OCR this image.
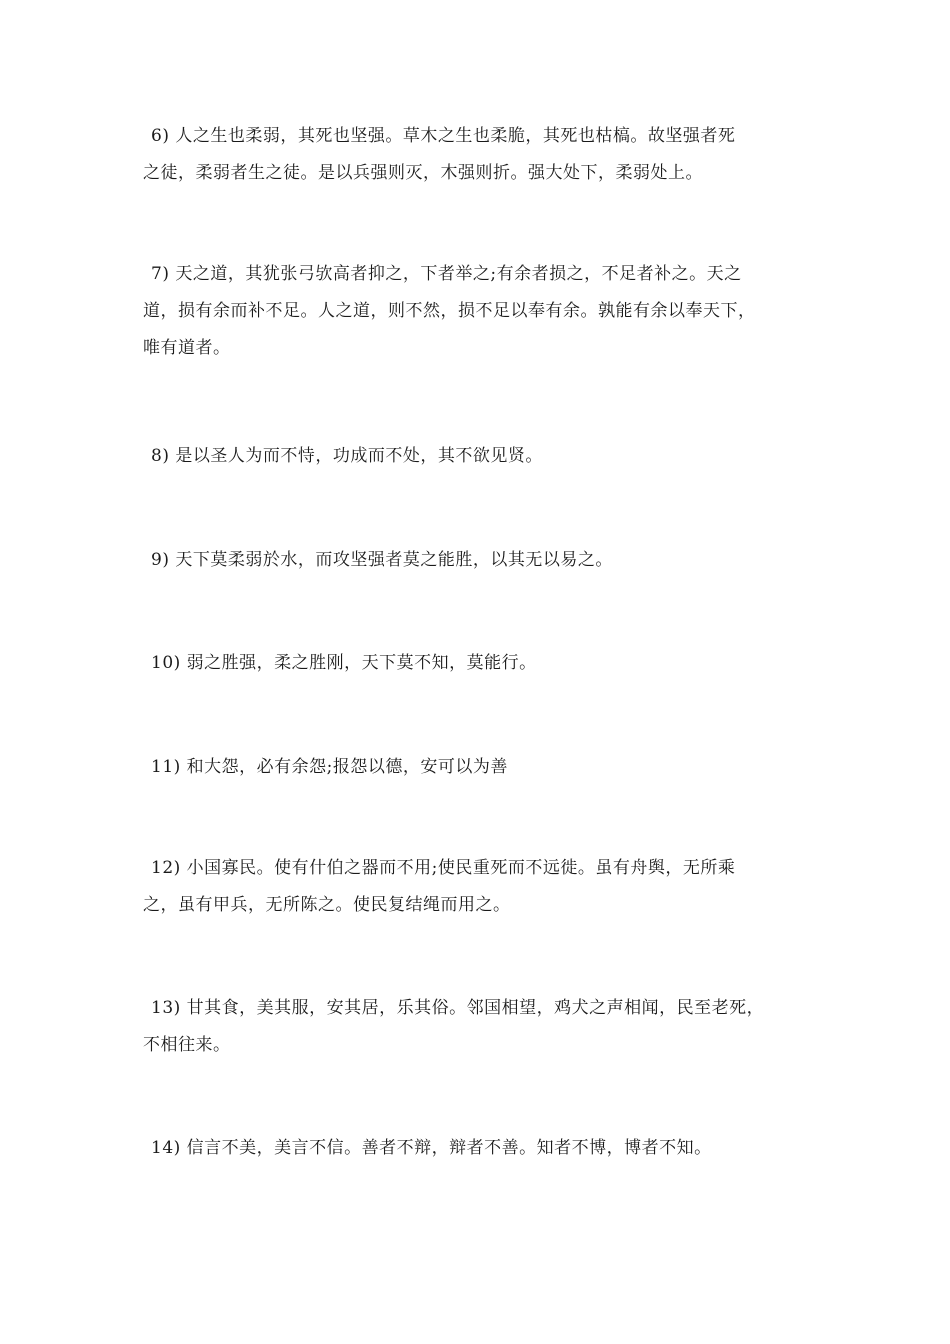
6) 人之生也柔弱，其死也坚强。草木之生也柔脆，其死也枯槁。故坚强者死
之徒，柔弱者生之徒。是以兵强则灭，木强则折。强大处下，柔弱处上。
7) 天之道，其犹张弓欤高者抑之，下者举之;有余者损之，不足者补之。天之
道，损有余而补不足。人之道，则不然，损不足以奉有余。孰能有余以奉天下，
唯有道者。
8) 是以圣人为而不恃，功成而不处，其不欲见贤。
9) 天下莫柔弱於水，而攻坚强者莫之能胜，以其无以易之。
10) 弱之胜强，柔之胜刚，天下莫不知，莫能行。
11) 和大怨，必有余怨;报怨以德，安可以为善
12) 小国寡民。使有什伯之器而不用;使民重死而不远徙。虽有舟舆，无所乘
之，虽有甲兵，无所陈之。使民复结绳而用之。
13) 甘其食，美其服，安其居，乐其俗。邻国相望，鸡犬之声相闻，民至老死，
不相往来。
14) 信言不美，美言不信。善者不辩，辩者不善。知者不博，博者不知。
